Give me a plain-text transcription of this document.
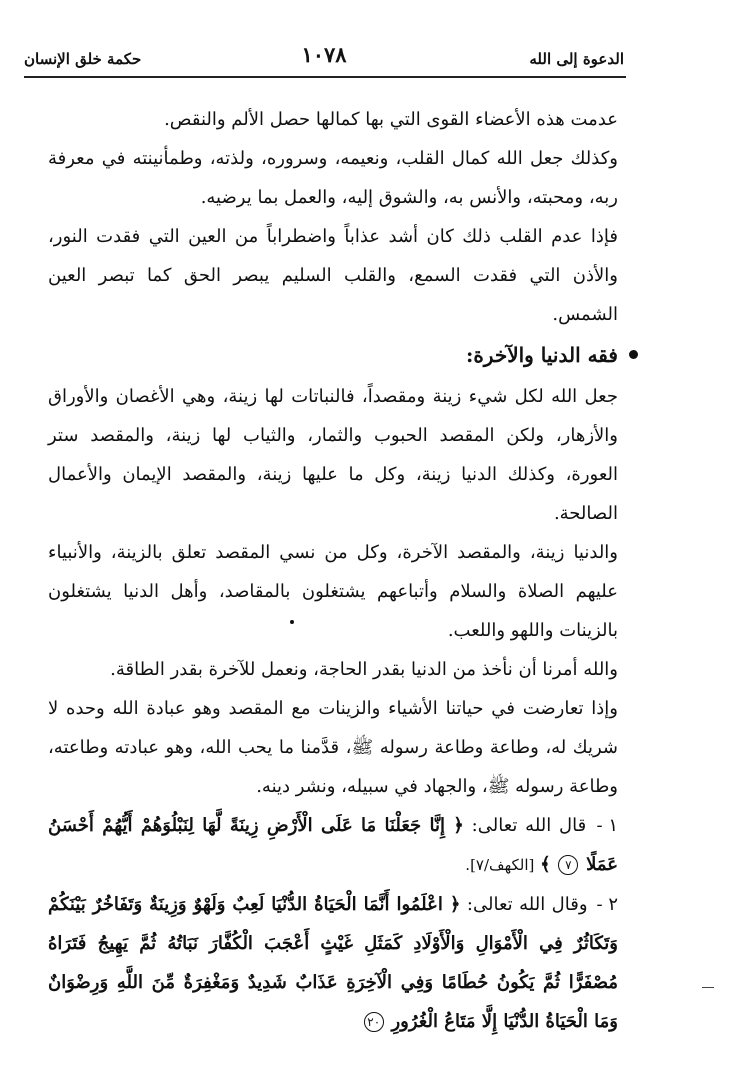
الدعوة إلى الله
١٠٧٨
حكمة خلق الإنسان

عدمت هذه الأعضاء القوى التي بها كمالها حصل الألم والنقص.

وكذلك جعل الله كمال القلب، ونعيمه، وسروره، ولذته، وطمأنينته في معرفة ربه، ومحبته، والأنس به، والشوق إليه، والعمل بما يرضيه.

فإذا عدم القلب ذلك كان أشد عذاباً واضطراباً من العين التي فقدت النور، والأذن التي فقدت السمع، والقلب السليم يبصر الحق كما تبصر العين الشمس.

فقه الدنيا والآخرة:

جعل الله لكل شيء زينة ومقصداً، فالنباتات لها زينة، وهي الأغصان والأوراق والأزهار، ولكن المقصد الحبوب والثمار، والثياب لها زينة، والمقصد ستر العورة، وكذلك الدنيا زينة، وكل ما عليها زينة، والمقصد الإيمان والأعمال الصالحة.

والدنيا زينة، والمقصد الآخرة، وكل من نسي المقصد تعلق بالزينة، والأنبياء عليهم الصلاة والسلام وأتباعهم يشتغلون بالمقاصد، وأهل الدنيا يشتغلون بالزينات واللهو واللعب.

والله أمرنا أن نأخذ من الدنيا بقدر الحاجة، ونعمل للآخرة بقدر الطاقة.

وإذا تعارضت في حياتنا الأشياء والزينات مع المقصد وهو عبادة الله وحده لا شريك له، وطاعة وطاعة رسوله ﷺ، قدَّمنا ما يحب الله، وهو عبادته وطاعته، وطاعة رسوله ﷺ، والجهاد في سبيله، ونشر دينه.

١ - قال الله تعالى: ﴿ إِنَّا جَعَلْنَا مَا عَلَى الْأَرْضِ زِينَةً لَّهَا لِنَبْلُوَهُمْ أَيُّهُمْ أَحْسَنُ عَمَلًا ٧ ﴾ [الكهف/٧].
٢ - وقال الله تعالى: ﴿ اعْلَمُوا أَنَّمَا الْحَيَاةُ الدُّنْيَا لَعِبٌ وَلَهْوٌ وَزِينَةٌ وَتَفَاخُرٌ بَيْنَكُمْ وَتَكَاثُرٌ فِي الْأَمْوَالِ وَالْأَوْلَادِ كَمَثَلِ غَيْثٍ أَعْجَبَ الْكُفَّارَ نَبَاتُهُ ثُمَّ يَهِيجُ فَتَرَاهُ مُصْفَرًّا ثُمَّ يَكُونُ حُطَامًا وَفِي الْآخِرَةِ عَذَابٌ شَدِيدٌ وَمَغْفِرَةٌ مِّنَ اللَّهِ وَرِضْوَانٌ وَمَا الْحَيَاةُ الدُّنْيَا إِلَّا مَتَاعُ الْغُرُورِ ٢٠
